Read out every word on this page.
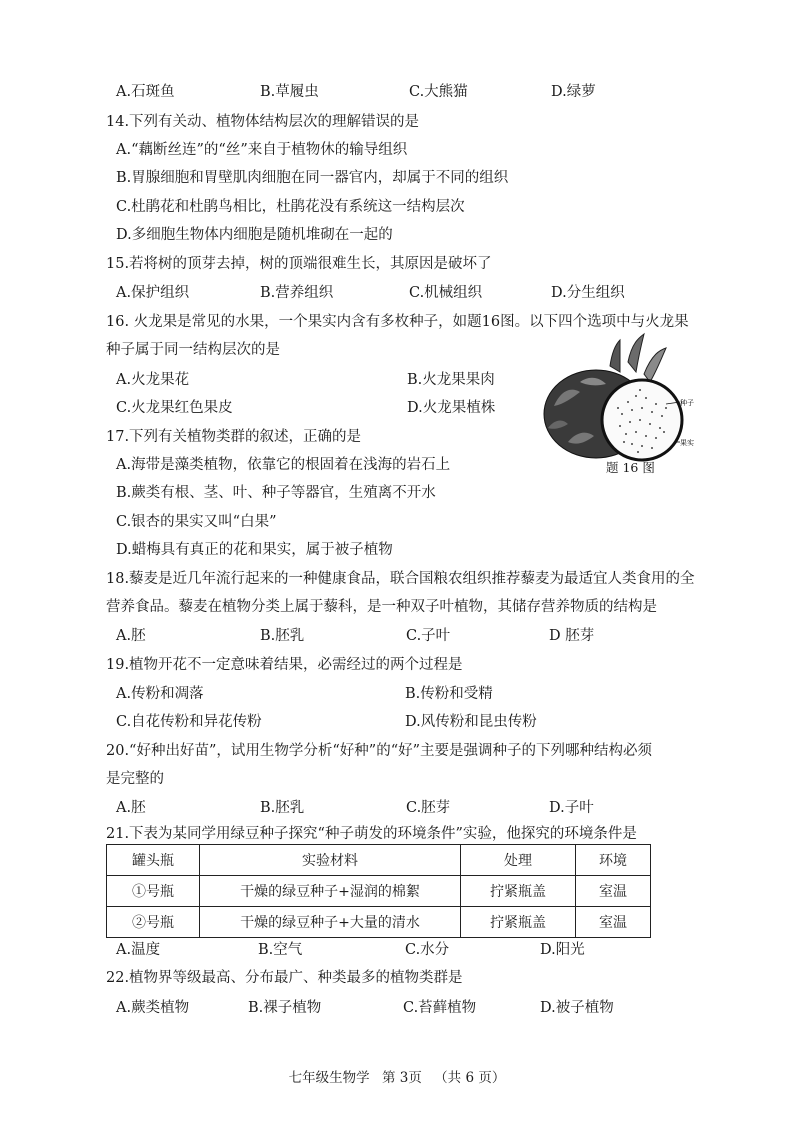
A.石斑鱼	B.草履虫	C.大熊猫	D.绿萝
14.下列有关动、植物体结构层次的理解错误的是
A.“藕断丝连”的“丝”来自于植物休的输导组织
B.胃腺细胞和胃壁肌肉细胞在同一器官内，却属于不同的组织
C.杜鹃花和杜鹃鸟相比，杜鹃花没有系统这一结构层次
D.多细胞生物体内细胞是随机堆砌在一起的
15.若将树的顶芽去掉，树的顶端很难生长，其原因是破坏了
A.保护组织	B.营养组织	C.机械组织	D.分生组织
16. 火龙果是常见的水果，一个果实内含有多枚种子，如题16图。以下四个选项中与火龙果
种子属于同一结构层次的是
A.火龙果花	B.火龙果果肉
C.火龙果红色果皮	D.火龙果植株	种子
果实
题 16 图
17.下列有关植物类群的叙述，正确的是
A.海带是藻类植物，依靠它的根固着在浅海的岩石上
B.蕨类有根、茎、叶、种子等器官，生殖离不开水
C.银杏的果实又叫“白果”
D.蜡梅具有真正的花和果实，属于被子植物
18.藜麦是近几年流行起来的一种健康食品，联合国粮农组织推荐藜麦为最适宜人类食用的全
营养食品。藜麦在植物分类上属于藜科，是一种双子叶植物，其储存营养物质的结构是
A.胚	B.胚乳	C.子叶	D 胚芽
19.植物开花不一定意味着结果，必需经过的两个过程是
A.传粉和凋落	B.传粉和受精
C.自花传粉和异花传粉	D.风传粉和昆虫传粉
20.“好种出好苗”，试用生物学分析“好种”的“好”主要是强调种子的下列哪种结构必须
是完整的
A.胚	B.胚乳	C.胚芽	D.子叶
21.下表为某同学用绿豆种子探究“种子萌发的环境条件”实验，他探究的环境条件是
罐头瓶	实验材料	处理	环境
①号瓶	干燥的绿豆种子+湿润的棉絮	拧紧瓶盖	室温
②号瓶	干燥的绿豆种子+大量的清水	拧紧瓶盖	室温
A.温度	B.空气	C.水分	D.阳光
22.植物界等级最高、分布最广、种类最多的植物类群是
A.蕨类植物	B.裸子植物	C.苔藓植物	D.被子植物
七年级生物学 第 3页 （共 6 页）
